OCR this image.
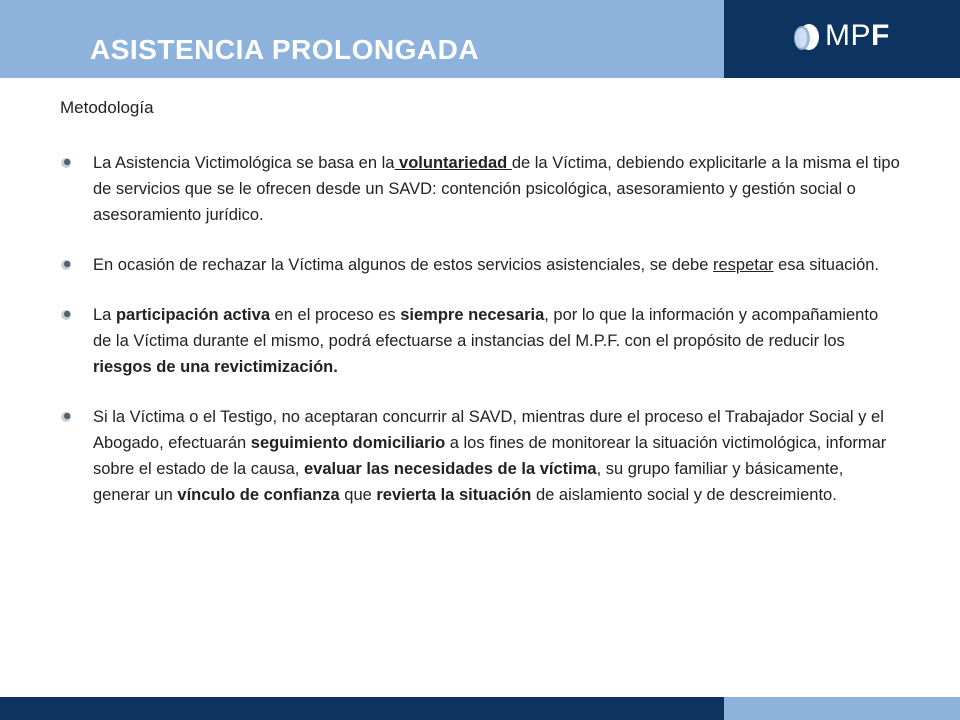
ASISTENCIA PROLONGADA	MPF
Metodología
La Asistencia Victimológica se basa en la voluntariedad de la Víctima, debiendo explicitarle a la misma el tipo de servicios que se le ofrecen desde un SAVD: contención psicológica, asesoramiento y gestión social o asesoramiento jurídico.
En ocasión de rechazar la Víctima algunos de estos servicios asistenciales, se debe respetar esa situación.
La participación activa en el proceso es siempre necesaria, por lo que la información y acompañamiento de la Víctima durante el mismo, podrá efectuarse a instancias del M.P.F. con el propósito de reducir los riesgos de una revictimización.
Si la Víctima o el Testigo, no aceptaran concurrir al SAVD, mientras dure el proceso el Trabajador Social y el Abogado, efectuarán seguimiento domiciliario a los fines de monitorear la situación victimológica, informar sobre el estado de la causa, evaluar las necesidades de la víctima, su grupo familiar y básicamente, generar un vínculo de confianza que revierta la situación de aislamiento social y de descreimiento.
